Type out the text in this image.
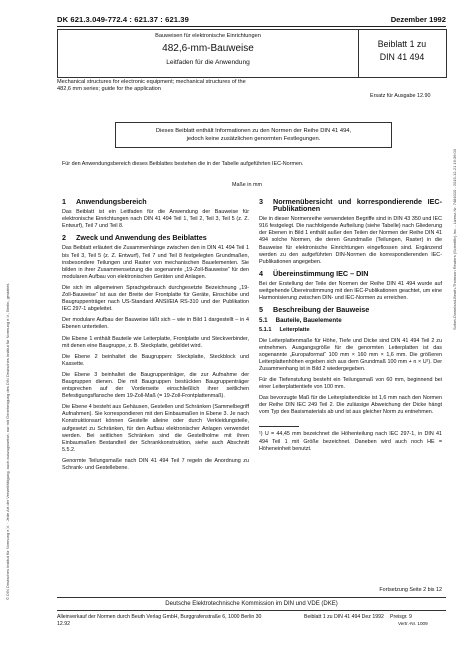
DK 621.3.049-772.4 : 621.37 : 621.39	Dezember 1992
Bauweisen für elektronische Einrichtungen
482,6-mm-Bauweise
Leitfaden für die Anwendung
Beiblatt 1 zu
DIN 41 494
Mechanical structures for electronic equipment; mechanical structures of the
482,6 mm series; guide for the application
Ersatz für Ausgabe 12.90
Dieses Beiblatt enthält Informationen zu den Normen der Reihe DIN 41 494,
jedoch keine zusätzlichen genormten Festlegungen.
Für den Anwendungsbereich dieses Beiblattes bestehen die in der Tabelle aufgeführten IEC-Normen.
Maße in mm
1 Anwendungsbereich

Das Beiblatt ist ein Leitfaden für die Anwendung der Bauweise für elektronische Einrichtungen nach DIN 41 494 Teil 1, Teil 2, Teil 3, Teil 5 (z. Z. Entwurf), Teil 7 und Teil 8.

2 Zweck und Anwendung des Beiblattes

Das Beiblatt erläutert die Zusammenhänge zwischen den in DIN 41 494 Teil 1 bis Teil 3, Teil 5 (z. Z. Entwurf), Teil 7 und Teil 8 festgelegten Grundmaßen, insbesondere Teilungen und Raster von mechanischen Bauelementen. Sie bilden in ihrer Zusammensetzung die sogenannte „19-Zoll-Bauweise“ für den modularen Aufbau von elektronischen Geräten und Anlagen.

Die sich im allgemeinen Sprachgebrauch durchgesetzte Bezeichnung „19-Zoll-Bauweise“ ist aus der Breite der Frontplatte für Geräte, Einschübe und Baugruppenträger nach US-Standard ANSI/EIA RS-310 und der Publikation IEC 297-1 abgeleitet.

Der modulare Aufbau der Bauweise läßt sich – wie in Bild 1 dargestellt – in 4 Ebenen unterteilen.

Die Ebene 1 enthält Bauteile wie Leiterplatte, Frontplatte und Steckverbinder, mit denen eine Baugruppe, z. B. Steckplatte, gebildet wird.

Die Ebene 2 beinhaltet die Baugruppen: Steckplatte, Steckblock und Kassette.

Die Ebene 3 beinhaltet die Baugruppenträger, die zur Aufnahme der Baugruppen dienen. Die mit Baugruppen bestückten Baugruppenträger entsprechen auf der Vorderseite einschließlich ihrer seitlichen Befestigungsflansche dem 19-Zoll-Maß (= 19-Zoll-Frontplattenmaß).

Die Ebene 4 besteht aus Gehäusen, Gestellen und Schränken (Sammelbegriff Aufnahmen). Sie korrespondieren mit den Einbaumaßen in Ebene 3. Je nach Konstruktionsart können Gestelle alleine oder durch Verkleidungsteile, aufgesetzt zu Schränken, für den Aufbau elektronischer Anlagen verwendet werden. Bei seitlichen Schränken sind die Gestellholme mit ihren Einbaumaßen Bestandteil der Schrankkonstruktion, siehe auch Abschnitt 5.5.2.

Genormte Teilungsmaße nach DIN 41 494 Teil 7 regeln die Anordnung zu Schrank- und Gestellebene.

3 Normenübersicht und korrespondierende IEC-Publikationen

Die in dieser Normenreihe verwendeten Begriffe sind in DIN 43 350 und IEC 916 festgelegt. Die nachfolgende Aufteilung (siehe Tabelle) nach Gliederung der Ebenen in Bild 1 enthält außer den Teilen der Normen der Reihe DIN 41 494 solche Normen, die deren Grundmaße (Teilungen, Raster) in die Bauweise für elektronische Einrichtungen eingeflossen sind. Ergänzend werden zu den aufgeführten DIN-Normen die korrespondierenden IEC-Publikationen angegeben.

4 Übereinstimmung IEC – DIN

Bei der Erstellung der Teile der Normen der Reihe DIN 41 494 wurde auf weitgehende Übereinstimmung mit den IEC-Publikationen geachtet, um eine Harmonisierung zwischen DIN- und IEC-Normen zu erreichen.

5 Beschreibung der Bauweise
5.1 Bauteile, Bauelemente
5.1.1 Leiterplatte

Die Leiterplattenmaße für Höhe, Tiefe und Dicke sind DIN 41 494 Teil 2 zu entnehmen. Ausgangsgröße für die genormten Leiterplatten ist das sogenannte „Europaformat“ 100 mm × 160 mm × 1,6 mm. Die größeren Leiterplattenhöhen ergeben sich aus dem Grundmaß 100 mm + n × U¹). Der Zusammenhang ist in Bild 2 wiedergegeben.

Für die Tiefenstufung besteht ein Teilungsmaß von 60 mm, beginnend bei einer Leiterplattentiefe von 100 mm.

Das bevorzugte Maß für die Leiterplattendicke ist 1,6 mm nach den Normen der Reihe DIN IEC 249 Teil 2. Die zulässige Abweichung der Dicke hängt vom Typ des Basismaterials ab und ist aus gleicher Norm zu entnehmen.

¹) U = 44,45 mm bezeichnet die Höhenteilung nach IEC 297-1, in DIN 41 494 Teil 1 mit Größe bezeichnet. Daneben wird auch noch HE = Höheneinheit benutzt.

Fortsetzung Seite 2 bis 12
Deutsche Elektrotechnische Kommission im DIN und VDE (DKE)
Alleinverkauf der Normen durch Beuth Verlag GmbH, Burggrafenstraße 6, 1000 Berlin 30
12.92
Beiblatt 1 zu DIN 41 494 Dez 1992 Preisgr. 9
Vertr.-Nr. 1009
© DIN Deutsches Institut für Normung e.V. · Jede Art der Vervielfältigung, auch auszugsweise, nur mit Genehmigung des DIN Deutsches Institut für Normung e.V., Berlin, gestattet.
Sofort-Download-Beuth-Thomson Reuters (Scientific) Inc. - Lizenz-Nr. 7484010 - 2015-12-21 16:36:03
